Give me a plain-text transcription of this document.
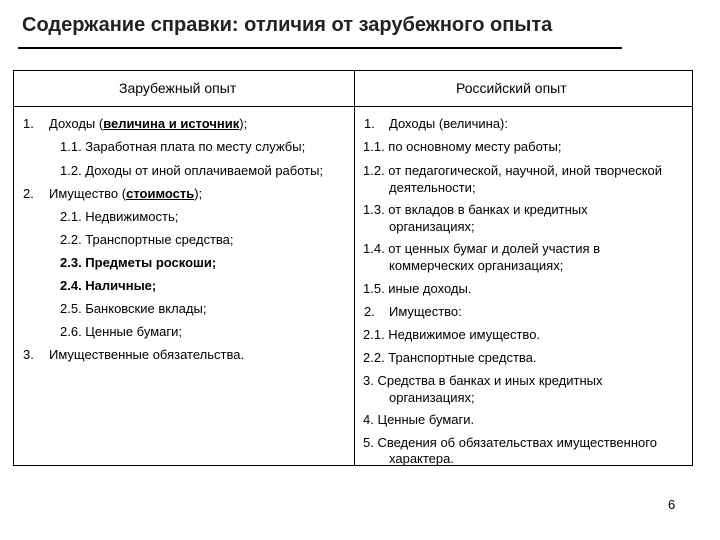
Содержание справки: отличия от зарубежного опыта
Зарубежный опыт	Российский опыт
1. Доходы (величина и источник);
1.1. Заработная плата по месту службы;
1.2. Доходы от иной оплачиваемой работы;
2. Имущество (стоимость);
2.1. Недвижимость;
2.2. Транспортные средства;
2.3. Предметы роскоши;
2.4. Наличные;
2.5. Банковские вклады;
2.6. Ценные бумаги;
3. Имущественные обязательства.
1. Доходы (величина):
1.1. по основному месту работы;
1.2. от педагогической, научной, иной творческой
деятельности;
1.3. от вкладов в банках и кредитных
организациях;
1.4. от ценных бумаг и долей участия в
коммерческих организациях;
1.5. иные доходы.
2. Имущество:
2.1. Недвижимое имущество.
2.2. Транспортные средства.
3. Средства в банках и иных кредитных
организациях;
4. Ценные бумаги.
5. Сведения об обязательствах имущественного
характера.
6
